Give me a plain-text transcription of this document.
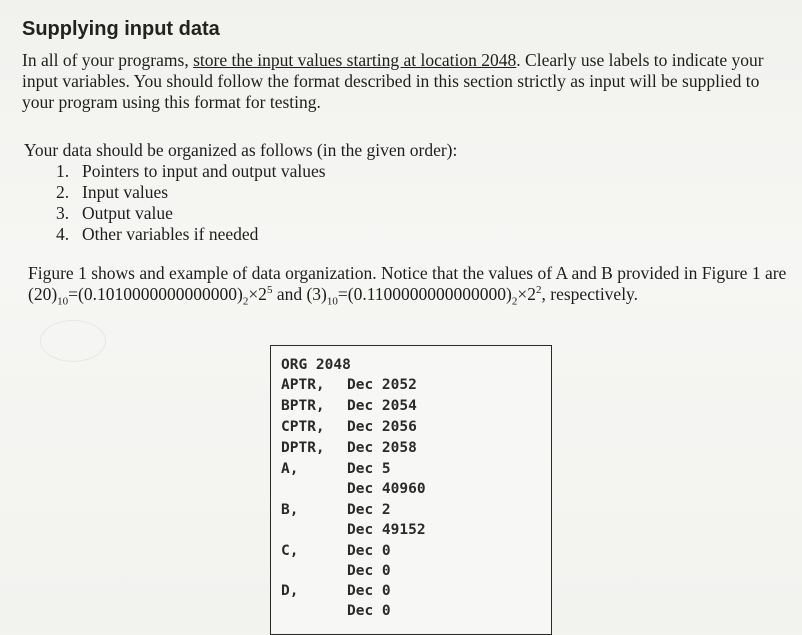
Supplying input data
In all of your programs, store the input values starting at location 2048. Clearly use labels to indicate your input variables. You should follow the format described in this section strictly as input will be supplied to your program using this format for testing.
Your data should be organized as follows (in the given order):
1. Pointers to input and output values
2. Input values
3. Output value
4. Other variables if needed
Figure 1 shows and example of data organization. Notice that the values of A and B provided in Figure 1 are $(20)_{10}=(0.1010000000000000)_2\times 2^5$ and $(3)_{10}=(0.1100000000000000)_2\times 2^2$, respectively.
ORG 2048
APTR, Dec 2052
BPTR, Dec 2054
CPTR, Dec 2056
DPTR, Dec 2058
A,	Dec 5
Dec 40960
B,	Dec 2
Dec 49152
C,	Dec 0
Dec 0
D,	Dec 0
Dec 0
